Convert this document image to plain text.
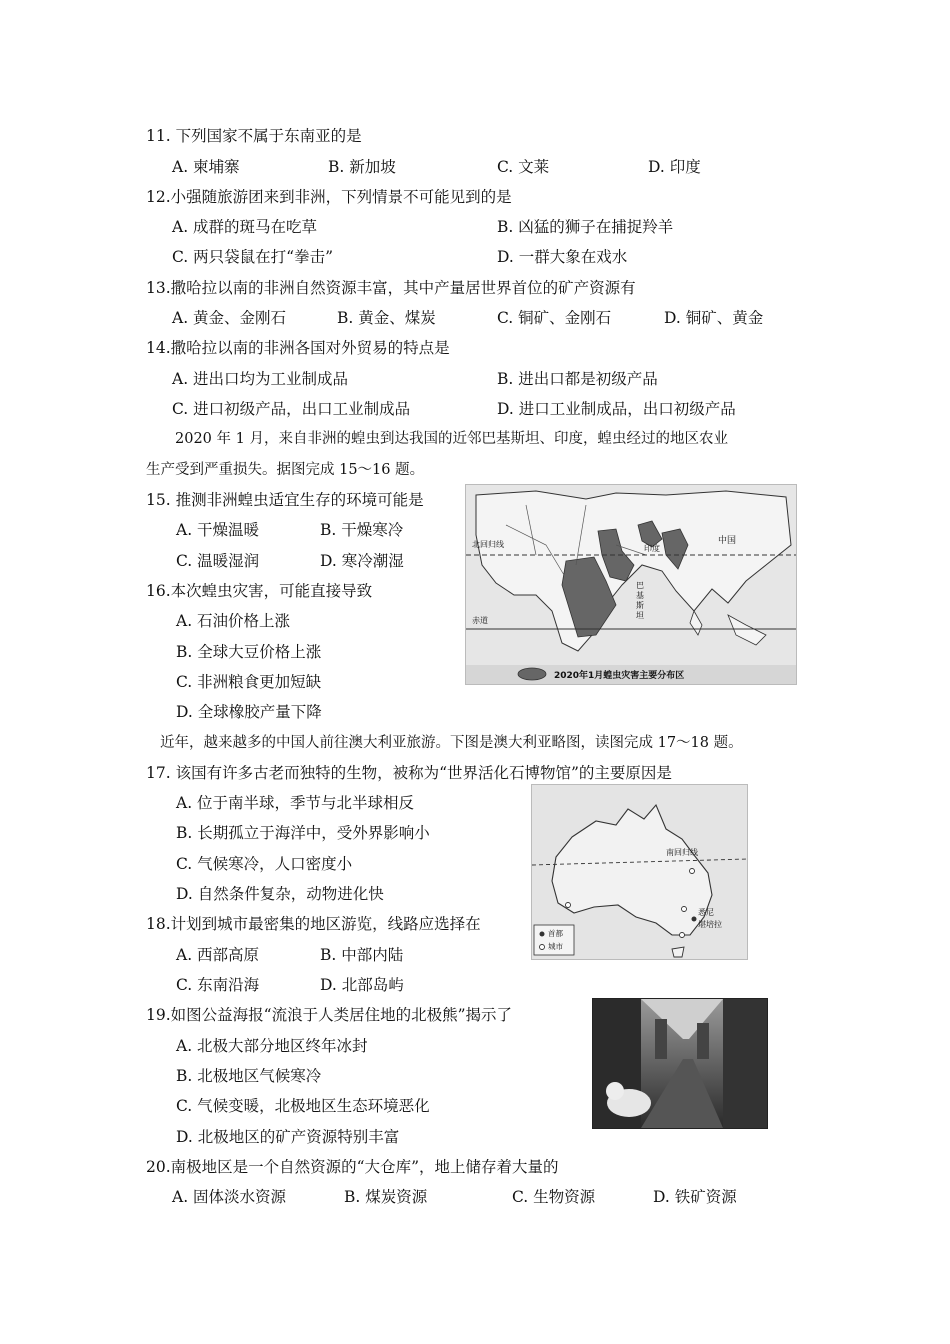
11. 下列国家不属于东南亚的是
A. 柬埔寨	B. 新加坡	C. 文莱	D. 印度
12.小强随旅游团来到非洲，下列情景不可能见到的是
A. 成群的斑马在吃草	B. 凶猛的狮子在捕捉羚羊
C. 两只袋鼠在打“拳击”	D. 一群大象在戏水
13.撒哈拉以南的非洲自然资源丰富，其中产量居世界首位的矿产资源有
A. 黄金、金刚石	B. 黄金、煤炭	C. 铜矿、金刚石	D. 铜矿、黄金
14.撒哈拉以南的非洲各国对外贸易的特点是
A. 进出口均为工业制成品	B. 进出口都是初级产品
C. 进口初级产品，出口工业制成品	D. 进口工业制成品，出口初级产品
2020 年 1 月，来自非洲的蝗虫到达我国的近邻巴基斯坦、印度，蝗虫经过的地区农业
生产受到严重损失。据图完成 15～16 题。
15. 推测非洲蝗虫适宜生存的环境可能是
A. 干燥温暖	B. 干燥寒冷
C. 温暖湿润	D. 寒冷潮湿
16.本次蝗虫灾害，可能直接导致
A. 石油价格上涨
B. 全球大豆价格上涨
C. 非洲粮食更加短缺
D. 全球橡胶产量下降
北回归线
赤道
中国
印度
巴
基
斯
坦
2020年1月蝗虫灾害主要分布区
近年，越来越多的中国人前往澳大利亚旅游。下图是澳大利亚略图，读图完成 17～18 题。
17. 该国有许多古老而独特的生物，被称为“世界活化石博物馆”的主要原因是
A. 位于南半球，季节与北半球相反
B. 长期孤立于海洋中，受外界影响小
C. 气候寒冷，人口密度小
D. 自然条件复杂，动物进化快
南回归线
首都
城市
悉尼
堪培拉
18.计划到城市最密集的地区游览，线路应选择在
A. 西部高原	B. 中部内陆
C. 东南沿海	D. 北部岛屿
19.如图公益海报“流浪于人类居住地的北极熊”揭示了
A. 北极大部分地区终年冰封
B. 北极地区气候寒冷
C. 气候变暖，北极地区生态环境恶化
D. 北极地区的矿产资源特别丰富
20.南极地区是一个自然资源的“大仓库”，地上储存着大量的
A. 固体淡水资源	B. 煤炭资源	C. 生物资源	D. 铁矿资源
